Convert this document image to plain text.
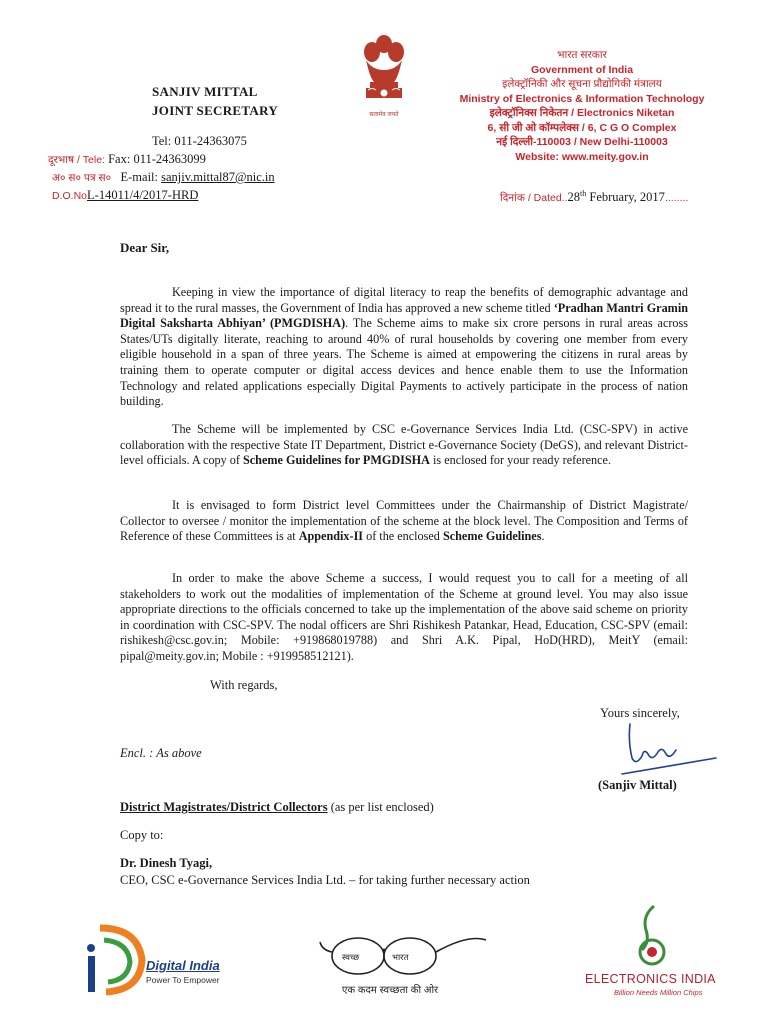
SANJIV MITTAL
JOINT SECRETARY
Tel: 011-24363075
दूरभाष / Tele: Fax: 011-24363099
अ० स० पत्र स० E-mail: sanjiv.mittal87@nic.in
D.O.NoL-14011/4/2017-HRD
सत्यमेव जयते
भारत सरकार
Government of India
इलेक्ट्रॉनिकी और सूचना प्रौद्योगिकी मंत्रालय
Ministry of Electronics & Information Technology
इलेक्ट्रॉनिक्स निकेतन / Electronics Niketan
6, सी जी ओ कॉम्पलेक्स / 6, C G O Complex
नई दिल्ली-110003 / New Delhi-110003
Website: www.meity.gov.in
दिनांक / Dated..28th February, 2017........
Dear Sir,

Keeping in view the importance of digital literacy to reap the benefits of demographic advantage and spread it to the rural masses, the Government of India has approved a new scheme titled ‘Pradhan Mantri Gramin Digital Saksharta Abhiyan’ (PMGDISHA). The Scheme aims to make six crore persons in rural areas across States/UTs digitally literate, reaching to around 40% of rural households by covering one member from every eligible household in a span of three years. The Scheme is aimed at empowering the citizens in rural areas by training them to operate computer or digital access devices and hence enable them to use the Information Technology and related applications especially Digital Payments to actively participate in the process of nation building.

The Scheme will be implemented by CSC e-Governance Services India Ltd. (CSC-SPV) in active collaboration with the respective State IT Department, District e-Governance Society (DeGS), and relevant District-level officials. A copy of Scheme Guidelines for PMGDISHA is enclosed for your ready reference.

It is envisaged to form District level Committees under the Chairmanship of District Magistrate/ Collector to oversee / monitor the implementation of the scheme at the block level. The Composition and Terms of Reference of these Committees is at Appendix-II of the enclosed Scheme Guidelines.

In order to make the above Scheme a success, I would request you to call for a meeting of all stakeholders to work out the modalities of implementation of the Scheme at ground level. You may also issue appropriate directions to the officials concerned to take up the implementation of the above said scheme on priority in coordination with CSC-SPV. The nodal officers are Shri Rishikesh Patankar, Head, Education, CSC-SPV (email: rishikesh@csc.gov.in; Mobile: +919868019788) and Shri A.K. Pipal, HoD(HRD), MeitY (email: pipal@meity.gov.in; Mobile : +919958512121).

With regards,
Yours sincerely,
(Sanjiv Mittal)
Encl. : As above
District Magistrates/District Collectors (as per list enclosed)
Copy to:
Dr. Dinesh Tyagi,
CEO, CSC e-Governance Services India Ltd. – for taking further necessary action
Digital India
Power To Empower
स्वच्छ	भारत
एक कदम स्वच्छता की ओर
ELECTRONICS INDIA
Billion Needs Million Chips
